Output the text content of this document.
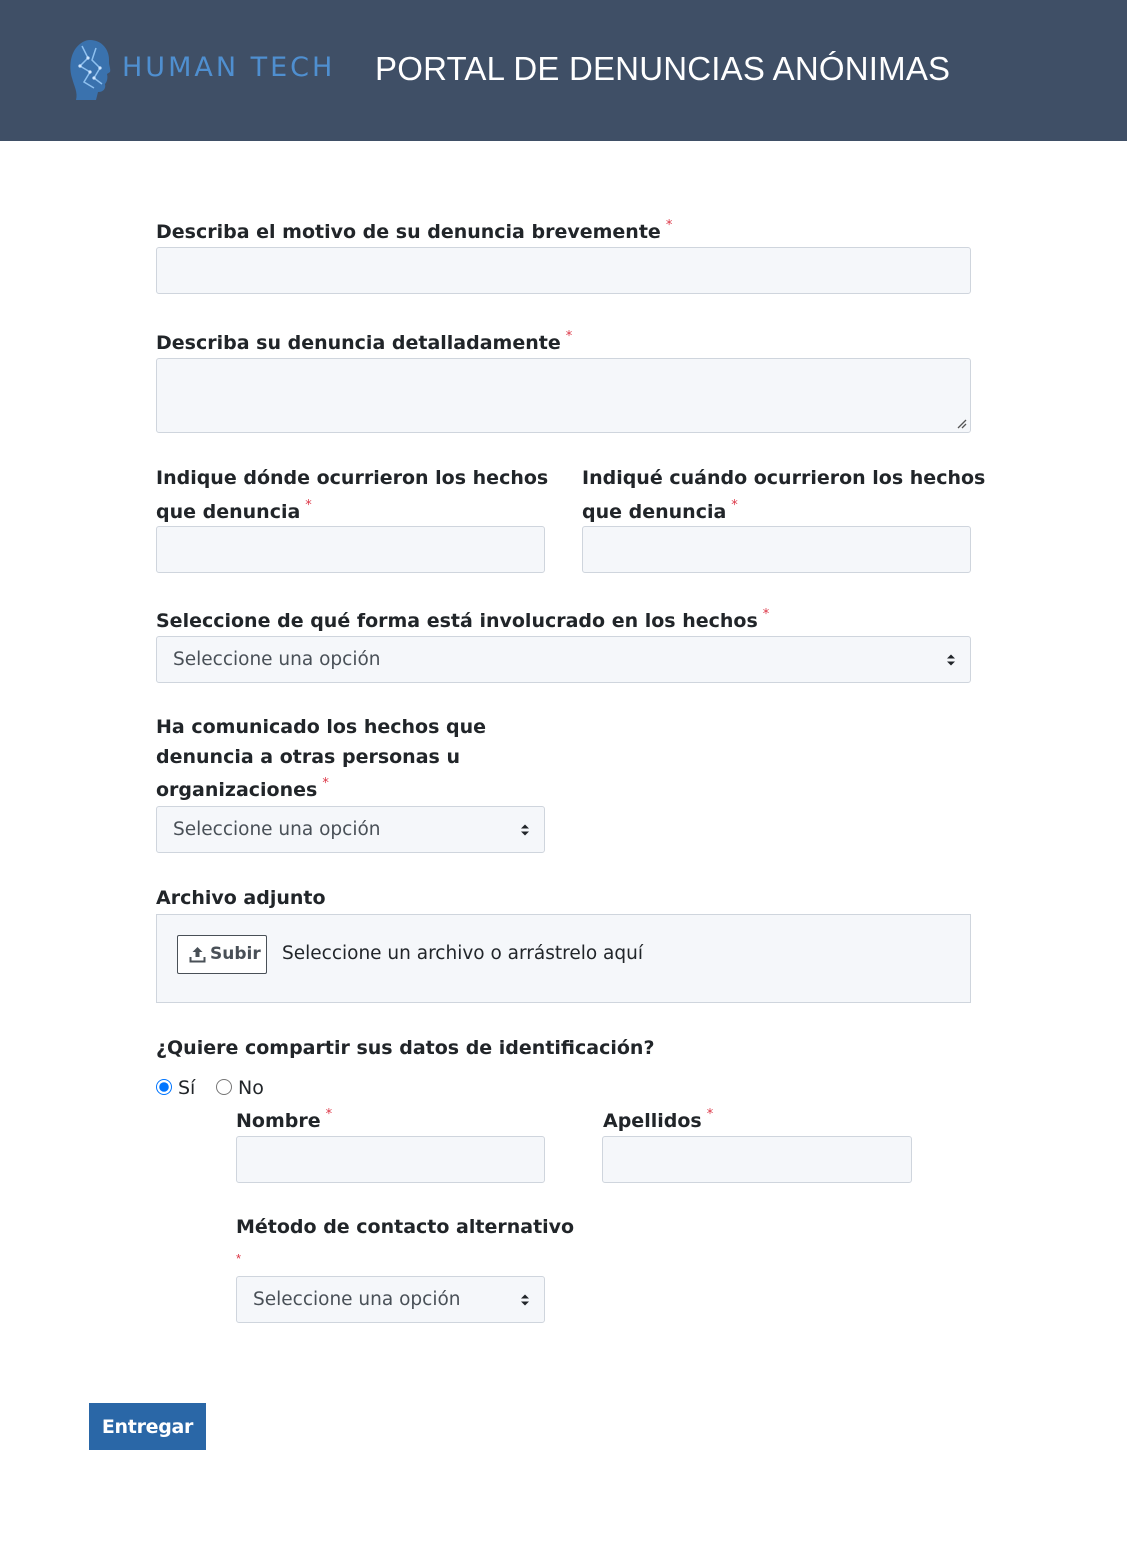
HUMAN TECH PORTAL DE DENUNCIAS ANÓNIMAS
Describa el motivo de su denuncia brevemente *
Describa su denuncia detalladamente *
Indique dónde ocurrieron los hechos
que denuncia *
Indiqué cuándo ocurrieron los hechos
que denuncia *
Seleccione de qué forma está involucrado en los hechos *
Seleccione una opción
Ha comunicado los hechos que
denuncia a otras personas u
organizaciones *
Seleccione una opción
Archivo adjunto
Subir Seleccione un archivo o arrástrelo aquí
¿Quiere compartir sus datos de identificación?
Sí No
Nombre *	Apellidos *
Método de contacto alternativo
*
Seleccione una opción
Entregar
